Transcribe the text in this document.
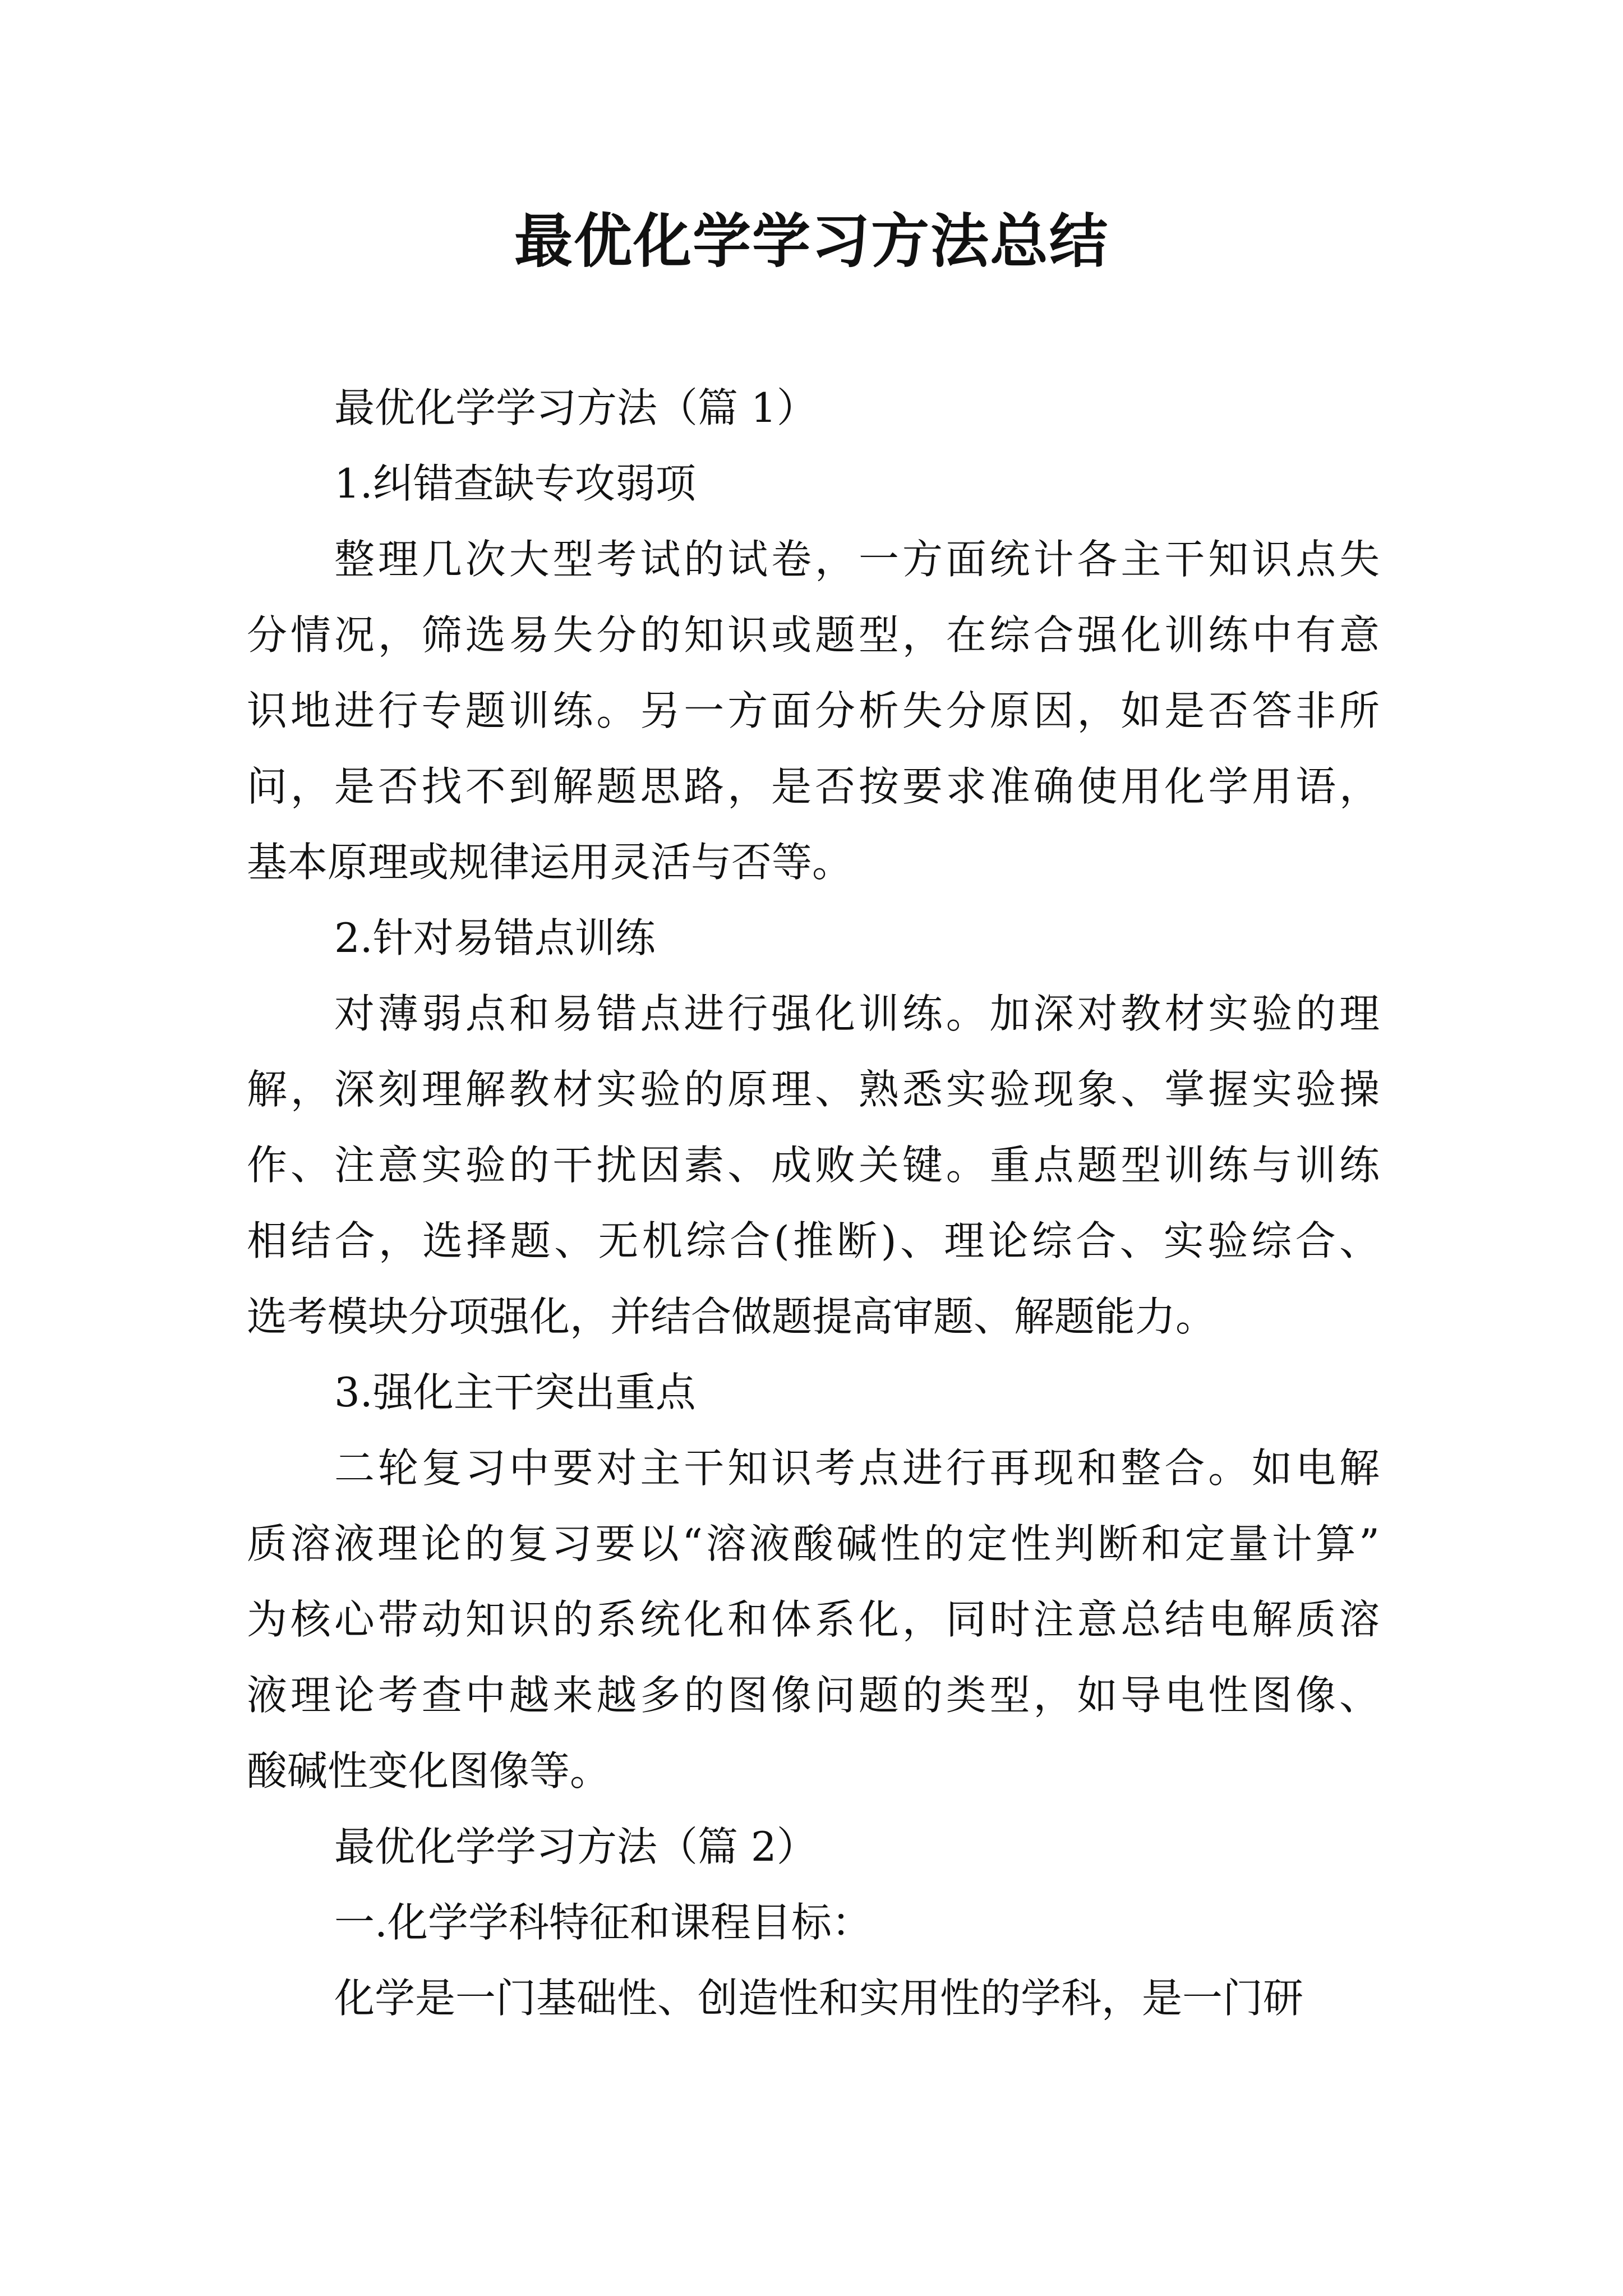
最优化学学习方法总结
最优化学学习方法（篇 1）
1.纠错查缺专攻弱项
整理几次大型考试的试卷，一方面统计各主干知识点失
分情况，筛选易失分的知识或题型，在综合强化训练中有意
识地进行专题训练。另一方面分析失分原因，如是否答非所
问，是否找不到解题思路，是否按要求准确使用化学用语，
基本原理或规律运用灵活与否等。
2.针对易错点训练
对薄弱点和易错点进行强化训练。加深对教材实验的理
解，深刻理解教材实验的原理、熟悉实验现象、掌握实验操
作、注意实验的干扰因素、成败关键。重点题型训练与训练
相结合，选择题、无机综合(推断)、理论综合、实验综合、
选考模块分项强化，并结合做题提高审题、解题能力。
3.强化主干突出重点
二轮复习中要对主干知识考点进行再现和整合。如电解
质溶液理论的复习要以“溶液酸碱性的定性判断和定量计算”
为核心带动知识的系统化和体系化，同时注意总结电解质溶
液理论考查中越来越多的图像问题的类型，如导电性图像、
酸碱性变化图像等。
最优化学学习方法（篇 2）
一.化学学科特征和课程目标：
化学是一门基础性、创造性和实用性的学科，是一门研
